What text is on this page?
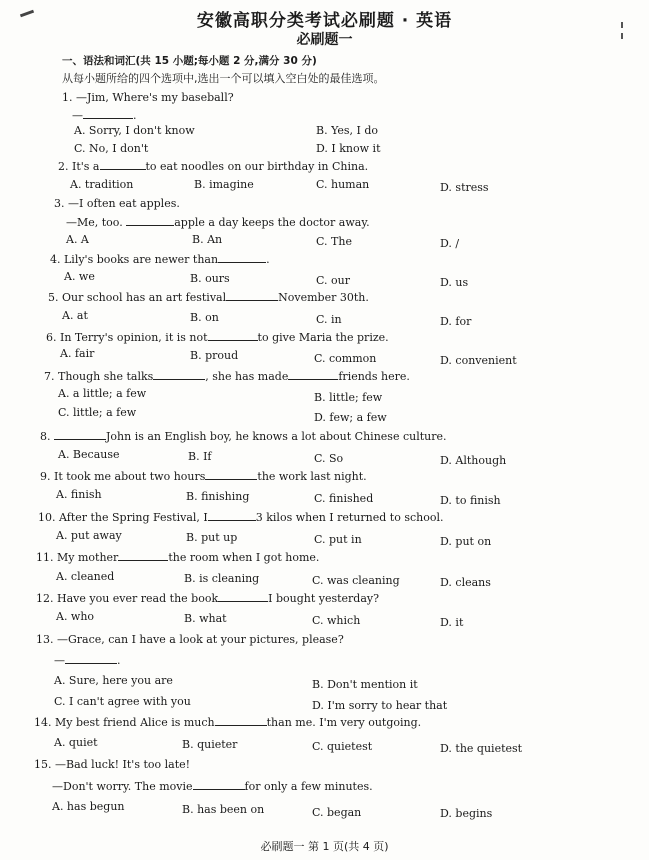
安徽高职分类考试必刷题 · 英语
必刷题一
一、语法和词汇(共 15 小题;每小题 2 分,满分 30 分)
从每小题所给的四个选项中,选出一个可以填入空白处的最佳选项。
1. —Jim, Where's my baseball?
—	.
A. Sorry, I don't know	B. Yes, I do
C. No, I don't	D. I know it
2. It's a	to eat noodles on our birthday in China.
A. tradition	B. imagine	C. human	D. stress
3. —I often eat apples.
—Me, too.	apple a day keeps the doctor away.
A. A	B. An	C. The	D. /
4. Lily's books are newer than	.
A. we	B. ours	C. our	D. us
5. Our school has an art festival	November 30th.
A. at	B. on	C. in	D. for
6. In Terry's opinion, it is not	to give Maria the prize.
A. fair	B. proud	C. common	D. convenient
7. Though she talks	, she has made	friends here.
A. a little; a few	B. little; few
C. little; a few	D. few; a few
8.	John is an English boy, he knows a lot about Chinese culture.
A. Because	B. If	C. So	D. Although
9. It took me about two hours	the work last night.
A. finish	B. finishing	C. finished	D. to finish
10. After the Spring Festival, I	3 kilos when I returned to school.
A. put away	B. put up	C. put in	D. put on
11. My mother	the room when I got home.
A. cleaned	B. is cleaning	C. was cleaning	D. cleans
12. Have you ever read the book	I bought yesterday?
A. who	B. what	C. which	D. it
13. —Grace, can I have a look at your pictures, please?
—	.
A. Sure, here you are	B. Don't mention it
C. I can't agree with you	D. I'm sorry to hear that
14. My best friend Alice is much	than me. I'm very outgoing.
A. quiet	B. quieter	C. quietest	D. the quietest
15. —Bad luck! It's too late!
—Don't worry. The movie	for only a few minutes.
A. has begun	B. has been on	C. began	D. begins
必刷题一 第 1 页(共 4 页)
